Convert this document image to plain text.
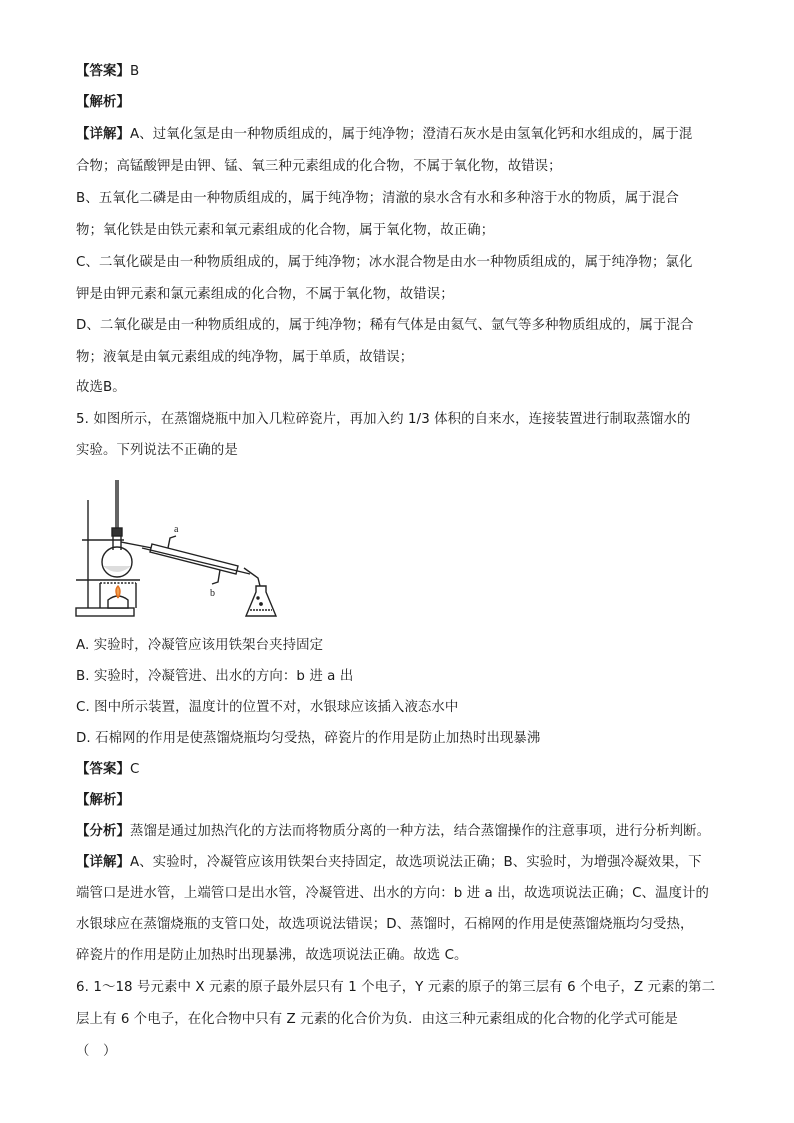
【答案】B
【解析】
【详解】A、过氧化氢是由一种物质组成的，属于纯净物；澄清石灰水是由氢氧化钙和水组成的，属于混
合物；高锰酸钾是由钾、锰、氧三种元素组成的化合物，不属于氧化物，故错误；
B、五氧化二磷是由一种物质组成的，属于纯净物；清澈的泉水含有水和多种溶于水的物质，属于混合
物；氧化铁是由铁元素和氧元素组成的化合物，属于氧化物，故正确；
C、二氧化碳是由一种物质组成的，属于纯净物；冰水混合物是由水一种物质组成的，属于纯净物；氯化
钾是由钾元素和氯元素组成的化合物，不属于氧化物，故错误；
D、二氧化碳是由一种物质组成的，属于纯净物；稀有气体是由氦气、氩气等多种物质组成的，属于混合
物；液氧是由氧元素组成的纯净物，属于单质，故错误；
故选B。
5. 如图所示，在蒸馏烧瓶中加入几粒碎瓷片，再加入约 1/3 体积的自来水，连接装置进行制取蒸馏水的
实验。下列说法不正确的是
a
b
A. 实验时，冷凝管应该用铁架台夹持固定
B. 实验时，冷凝管进、出水的方向：b 进 a 出
C. 图中所示装置，温度计的位置不对，水银球应该插入液态水中
D. 石棉网的作用是使蒸馏烧瓶均匀受热，碎瓷片的作用是防止加热时出现暴沸
【答案】C
【解析】
【分析】蒸馏是通过加热汽化的方法而将物质分离的一种方法，结合蒸馏操作的注意事项，进行分析判断。
【详解】A、实验时，冷凝管应该用铁架台夹持固定，故选项说法正确；B、实验时，为增强冷凝效果，下
端管口是进水管，上端管口是出水管，冷凝管进、出水的方向：b 进 a 出，故选项说法正确；C、温度计的
水银球应在蒸馏烧瓶的支管口处，故选项说法错误；D、蒸馏时，石棉网的作用是使蒸馏烧瓶均匀受热，
碎瓷片的作用是防止加热时出现暴沸，故选项说法正确。故选 C。
6. 1～18 号元素中 X 元素的原子最外层只有 1 个电子，Y 元素的原子的第三层有 6 个电子，Z 元素的第二
层上有 6 个电子，在化合物中只有 Z 元素的化合价为负．由这三种元素组成的化合物的化学式可能是
（　）
